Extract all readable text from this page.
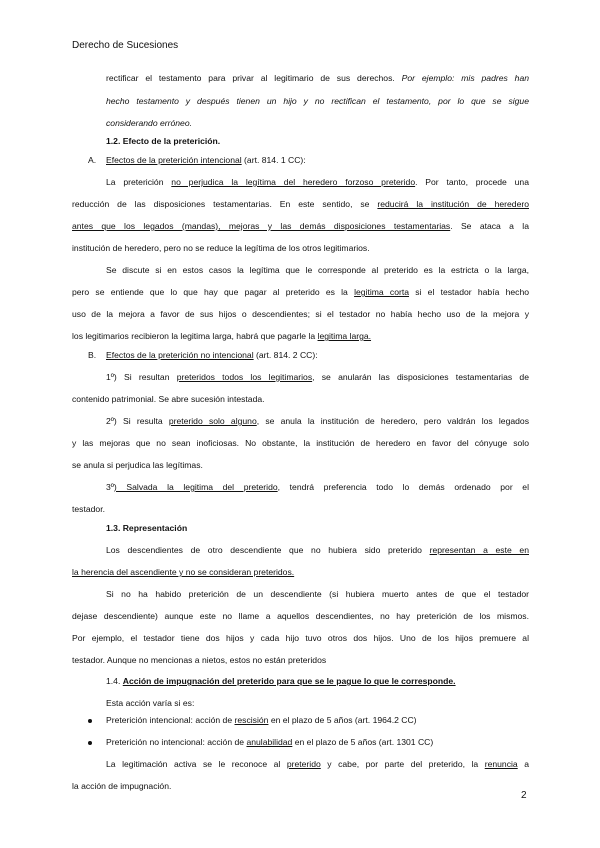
Derecho de Sucesiones
rectificar el testamento para privar al legitimario de sus derechos. Por ejemplo: mis padres han
hecho testamento y después tienen un hijo y no rectifican el testamento, por lo que se sigue
considerando erróneo.
1.2. Efecto de la preterición.
A. Efectos de la preterición intencional (art. 814. 1 CC):
La preterición no perjudica la legítima del heredero forzoso preterido. Por tanto, procede una
reducción de las disposiciones testamentarias. En este sentido, se reducirá la institución de heredero
antes que los legados (mandas), mejoras y las demás disposiciones testamentarias. Se ataca a la
institución de heredero, pero no se reduce la legítima de los otros legitimarios.
Se discute si en estos casos la legítima que le corresponde al preterido es la estricta o la larga,
pero se entiende que lo que hay que pagar al preterido es la legitima corta si el testador había hecho
uso de la mejora a favor de sus hijos o descendientes; si el testador no había hecho uso de la mejora y
los legitimarios recibieron la legitima larga, habrá que pagarle la legitima larga.
B. Efectos de la preterición no intencional (art. 814. 2 CC):
1º) Si resultan preteridos todos los legitimarios, se anularán las disposiciones testamentarias de
contenido patrimonial. Se abre sucesión intestada.
2º) Si resulta preterido solo alguno, se anula la institución de heredero, pero valdrán los legados
y las mejoras que no sean inoficiosas. No obstante, la institución de heredero en favor del cónyuge solo
se anula si perjudica las legítimas.
3º) Salvada la legitima del preterido, tendrá preferencia todo lo demás ordenado por el
testador.
1.3. Representación
Los descendientes de otro descendiente que no hubiera sido preterido representan a este en
la herencia del ascendiente y no se consideran preteridos.
Si no ha habido preterición de un descendiente (si hubiera muerto antes de que el testador
dejase descendiente) aunque este no llame a aquellos descendientes, no hay preterición de los mismos.
Por ejemplo, el testador tiene dos hijos y cada hijo tuvo otros dos hijos. Uno de los hijos premuere al
testador. Aunque no mencionas a nietos, estos no están preteridos
1.4. Acción de impugnación del preterido para que se le pague lo que le corresponde.
Esta acción varía si es:
Preterición intencional: acción de rescisión en el plazo de 5 años (art. 1964.2 CC)
Preterición no intencional: acción de anulabilidad en el plazo de 5 años (art. 1301 CC)
La legitimación activa se le reconoce al preterido y cabe, por parte del preterido, la renuncia a
la acción de impugnación.
2
